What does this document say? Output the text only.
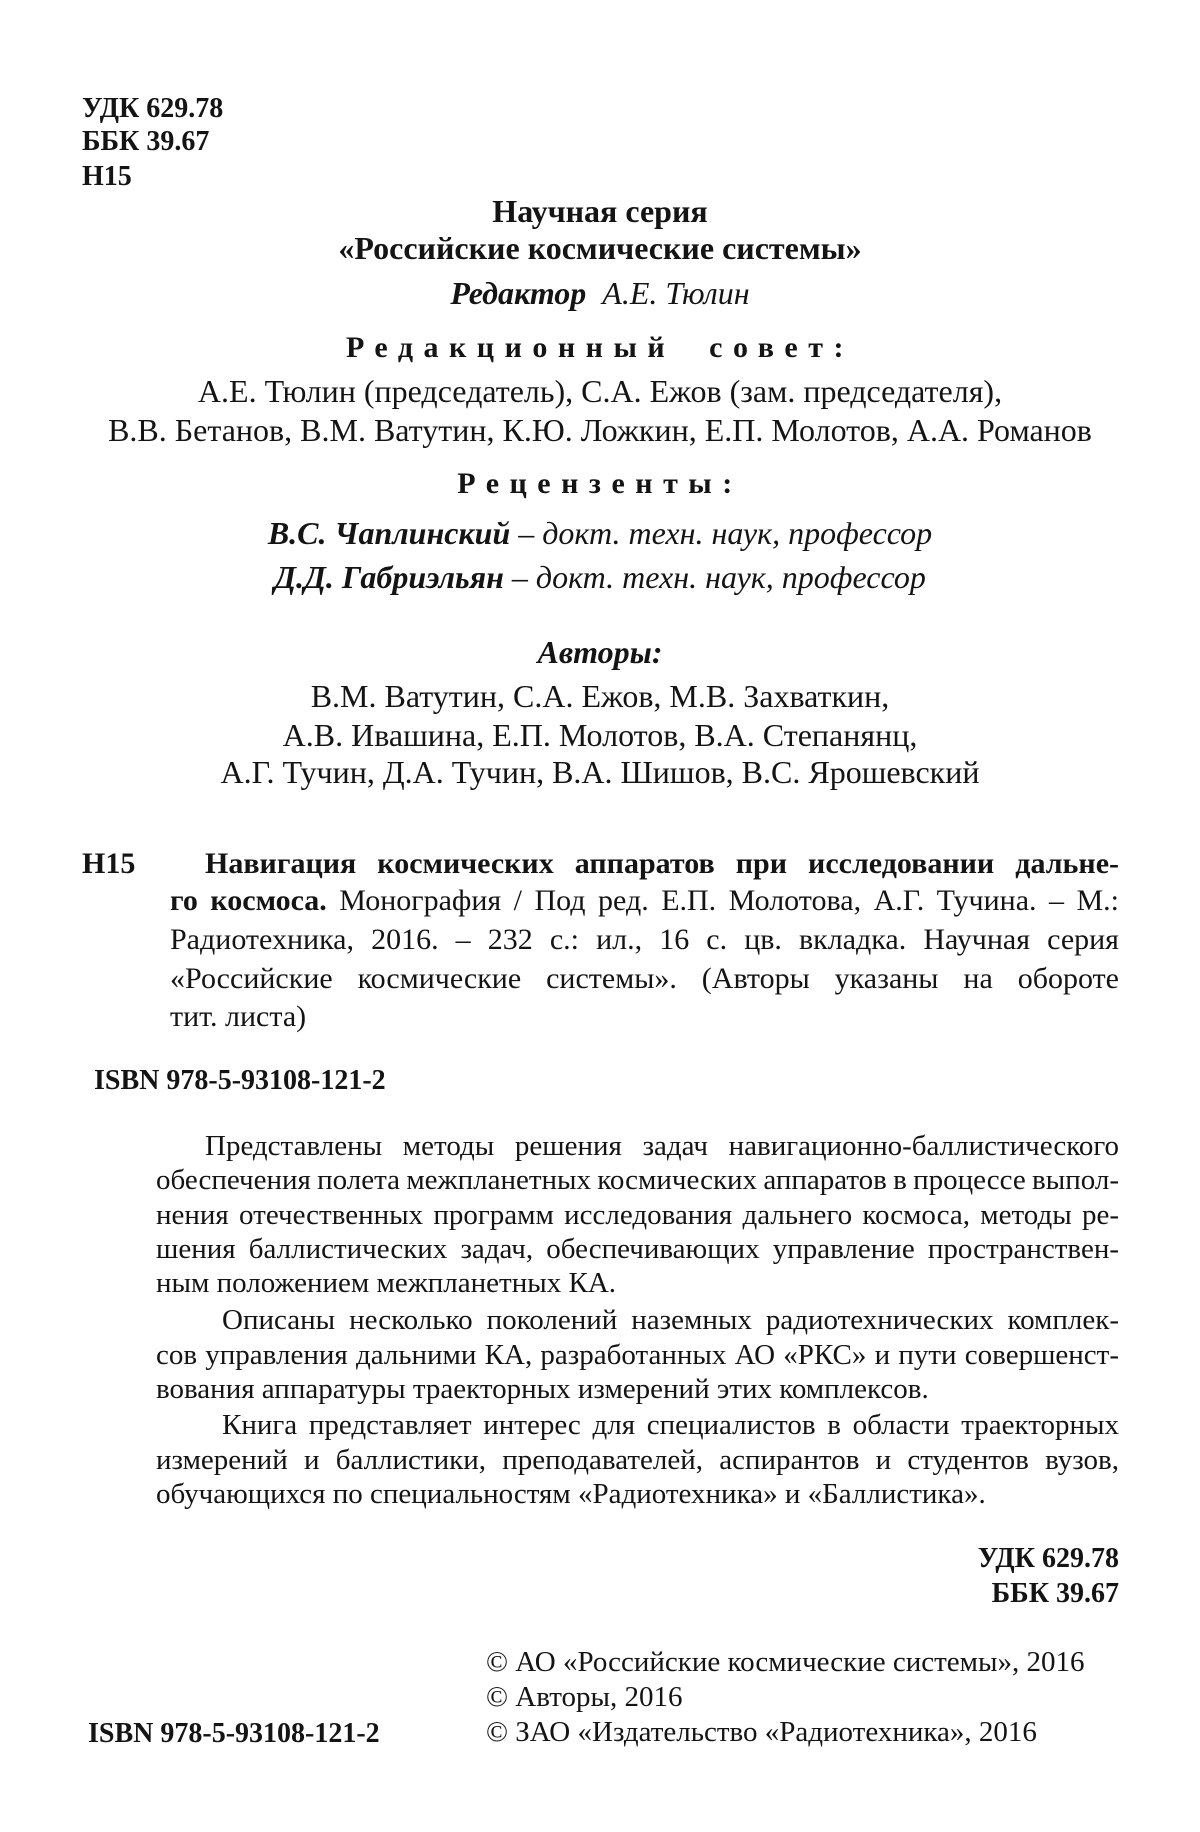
УДК 629.78
ББК 39.67
Н15
Научная серия
«Российские космические системы»
Редактор А.Е. Тюлин
Редакционный совет:
А.Е. Тюлин (председатель), С.А. Ежов (зам. председателя),
В.В. Бетанов, В.М. Ватутин, К.Ю. Ложкин, Е.П. Молотов, А.А. Романов
Рецензенты:
В.С. Чаплинский – докт. техн. наук, профессор
Д.Д. Габриэльян – докт. техн. наук, профессор
Авторы:
В.М. Ватутин, С.А. Ежов, М.В. Захваткин,
А.В. Ивашина, Е.П. Молотов, В.А. Степанянц,
А.Г. Тучин, Д.А. Тучин, В.А. Шишов, В.С. Ярошевский
Н15 Навигация космических аппаратов при исследовании дальне-
го космоса. Монография / Под ред. Е.П. Молотова, А.Г. Тучина. – М.:
Радиотехника, 2016. – 232 с.: ил., 16 с. цв. вкладка. Научная серия
«Российские космические системы». (Авторы указаны на обороте
тит. листа)
ISBN 978-5-93108-121-2
Представлены методы решения задач навигационно-баллистического
обеспечения полета межпланетных космических аппаратов в процессе выпол-
нения отечественных программ исследования дальнего космоса, методы ре-
шения баллистических задач, обеспечивающих управление пространствен-
ным положением межпланетных КА.
Описаны несколько поколений наземных радиотехнических комплек-
сов управления дальними КА, разработанных АО «РКС» и пути совершенст-
вования аппаратуры траекторных измерений этих комплексов.
Книга представляет интерес для специалистов в области траекторных
измерений и баллистики, преподавателей, аспирантов и студентов вузов,
обучающихся по специальностям «Радиотехника» и «Баллистика».
УДК 629.78
ББК 39.67
© АО «Российские космические системы», 2016
© Авторы, 2016
© ЗАО «Издательство «Радиотехника», 2016
ISBN 978-5-93108-121-2
